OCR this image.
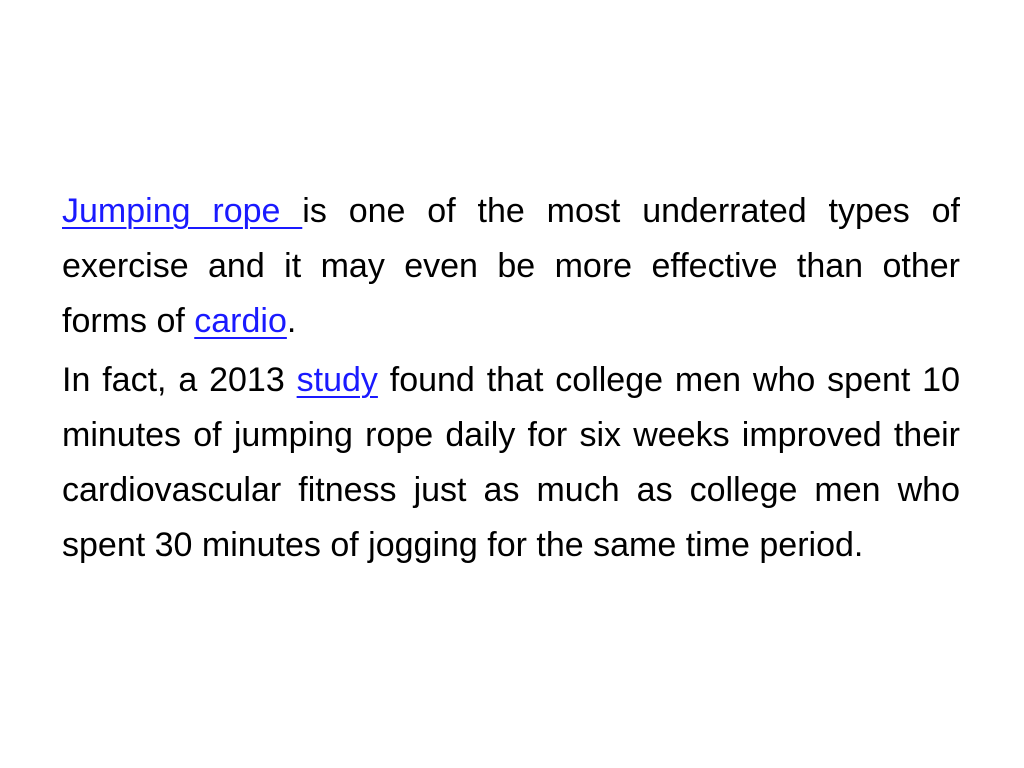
Jumping rope is one of the most underrated types of exercise and it may even be more effective than other forms of cardio.

In fact, a 2013 study found that college men who spent 10 minutes of jumping rope daily for six weeks improved their cardiovascular fitness just as much as college men who spent 30 minutes of jogging for the same time period.
